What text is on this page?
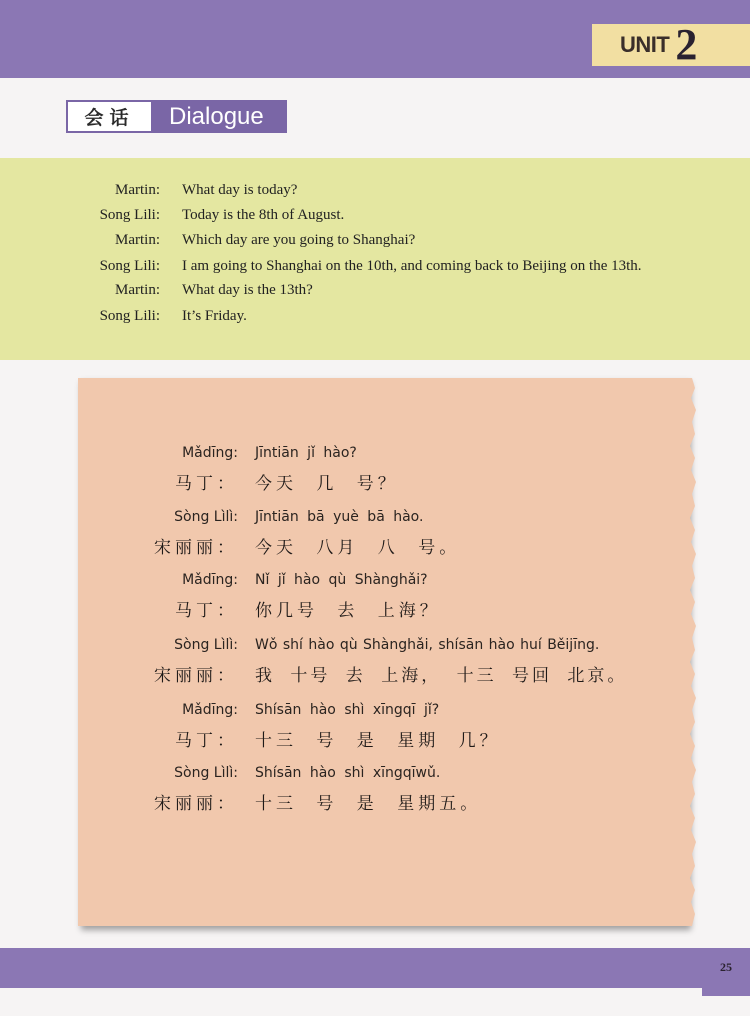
UNIT 2
会话	Dialogue
Martin: What day is today?
Song Lili: Today is the 8th of August.
Martin: Which day are you going to Shanghai?
Song Lili: I am going to Shanghai on the 10th, and coming back to Beijing on the 13th.
Martin: What day is the 13th?
Song Lili: It’s Friday.
Mǎdīng: Jīntiān jǐ hào?
马丁： 今天 几 号？
Sòng Lìlì: Jīntiān bā yuè bā hào.
宋丽丽： 今天 八月 八 号。
Mǎdīng: Nǐ jǐ hào qù Shànghǎi?
马丁： 你几号 去 上海？
Sòng Lìlì: Wǒ shí hào qù Shànghǎi, shísān hào huí Běijīng.
宋丽丽： 我 十号 去 上海， 十三 号回 北京。
Mǎdīng: Shísān hào shì xīngqī jǐ?
马丁： 十三 号 是 星期 几？
Sòng Lìlì: Shísān hào shì xīngqīwǔ.
宋丽丽： 十三 号 是 星期五。
25
